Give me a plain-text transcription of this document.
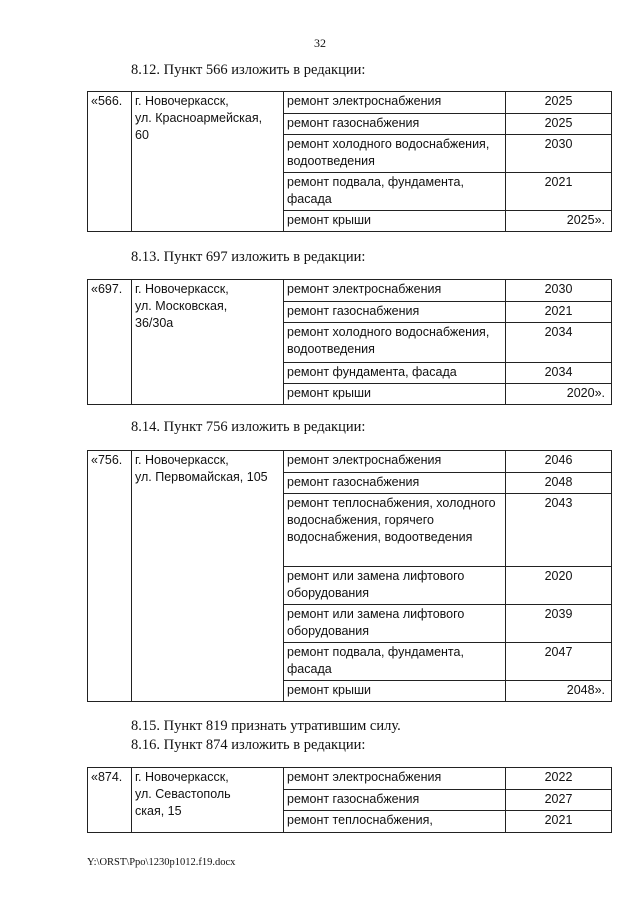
32
8.12. Пункт 566 изложить в редакции:
«566.	г. Новочеркасск,
ул. Красноармейская,
60	ремонт электроснабжения	2025
		ремонт газоснабжения	2025
		ремонт холодного водоснабжения, водоотведения	2030
		ремонт подвала, фундамента, фасада	2021
		ремонт крыши	2025».
8.13. Пункт 697 изложить в редакции:
«697.	г. Новочеркасск,
ул. Московская,
36/30а	ремонт электроснабжения	2030
		ремонт газоснабжения	2021
		ремонт холодного водоснабжения, водоотведения	2034
		ремонт фундамента, фасада	2034
		ремонт крыши	2020».
8.14. Пункт 756 изложить в редакции:
«756.	г. Новочеркасск,
ул. Первомайская, 105	ремонт электроснабжения	2046
		ремонт газоснабжения	2048
		ремонт теплоснабжения, холодного водоснабжения, горячего водоснабжения, водоотведения	2043
		ремонт или замена лифтового оборудования	2020
		ремонт или замена лифтового оборудования	2039
		ремонт подвала, фундамента, фасада	2047
		ремонт крыши	2048».
8.15. Пункт 819 признать утратившим силу.
8.16. Пункт 874 изложить в редакции:
«874.	г. Новочеркасск,
ул. Севастополь
ская, 15	ремонт электроснабжения	2022
		ремонт газоснабжения	2027
		ремонт теплоснабжения,	2021
Y:\ORST\Ppo\1230p1012.f19.docx
